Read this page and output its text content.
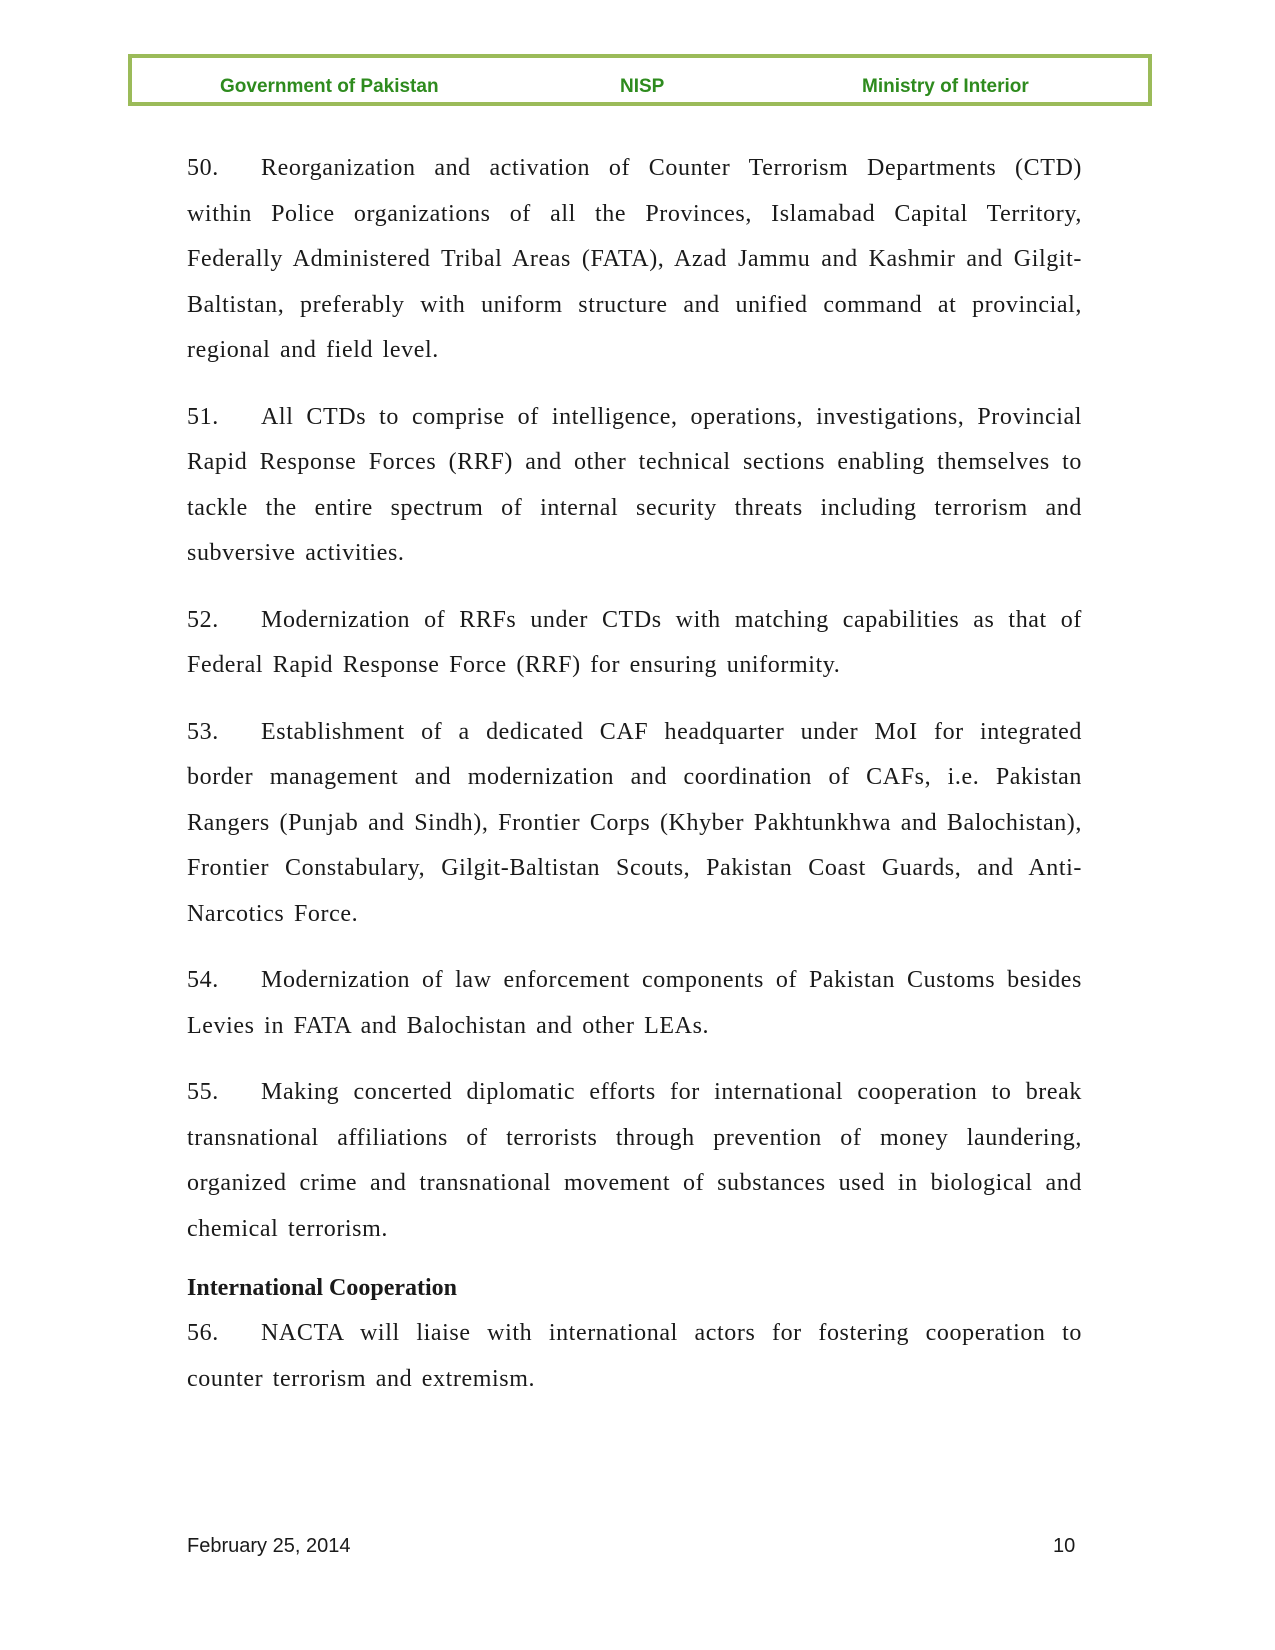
Government of Pakistan	NISP	Ministry of Interior

50. Reorganization and activation of Counter Terrorism Departments (CTD) within Police organizations of all the Provinces, Islamabad Capital Territory, Federally Administered Tribal Areas (FATA), Azad Jammu and Kashmir and Gilgit-Baltistan, preferably with uniform structure and unified command at provincial, regional and field level.

51. All CTDs to comprise of intelligence, operations, investigations, Provincial Rapid Response Forces (RRF) and other technical sections enabling themselves to tackle the entire spectrum of internal security threats including terrorism and subversive activities.

52. Modernization of RRFs under CTDs with matching capabilities as that of Federal Rapid Response Force (RRF) for ensuring uniformity.

53. Establishment of a dedicated CAF headquarter under MoI for integrated border management and modernization and coordination of CAFs, i.e. Pakistan Rangers (Punjab and Sindh), Frontier Corps (Khyber Pakhtunkhwa and Balochistan), Frontier Constabulary, Gilgit-Baltistan Scouts, Pakistan Coast Guards, and Anti-Narcotics Force.

54. Modernization of law enforcement components of Pakistan Customs besides Levies in FATA and Balochistan and other LEAs.

55. Making concerted diplomatic efforts for international cooperation to break transnational affiliations of terrorists through prevention of money laundering, organized crime and transnational movement of substances used in biological and chemical terrorism.

International Cooperation

56. NACTA will liaise with international actors for fostering cooperation to counter terrorism and extremism.

February 25, 2014	10
